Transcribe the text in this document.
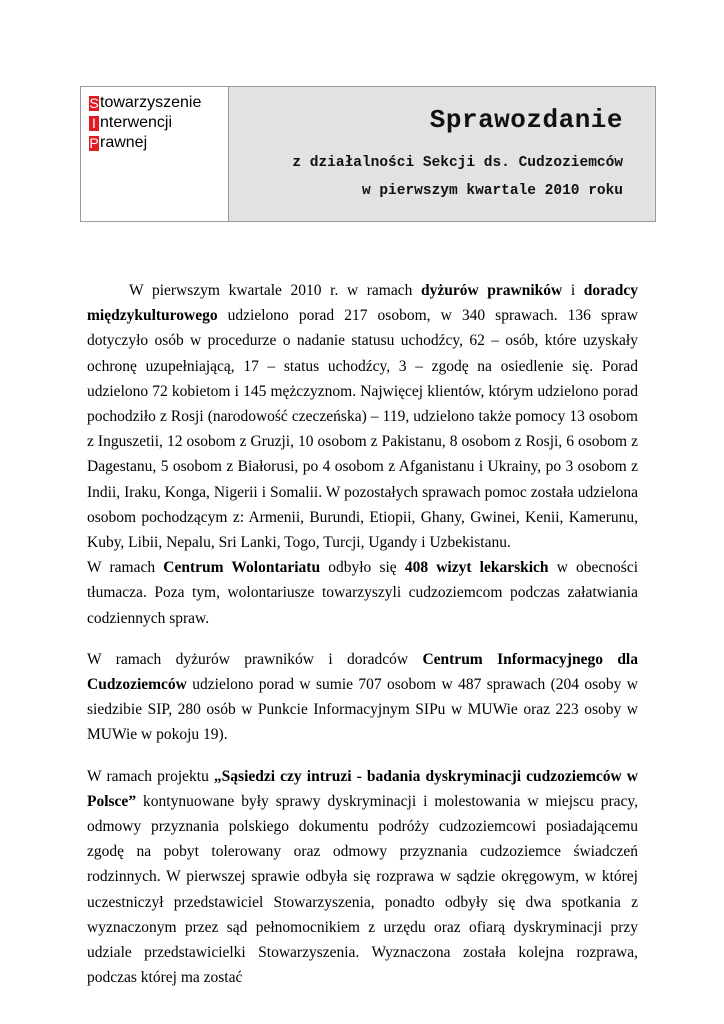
S towarzyszenie
I nterwencji
P rawnej
Sprawozdanie
z działalności Sekcji ds. Cudzoziemców
w pierwszym kwartale 2010 roku

W pierwszym kwartale 2010 r. w ramach dyżurów prawników i doradcy międzykulturowego udzielono porad 217 osobom, w 340 sprawach. 136 spraw dotyczyło osób w procedurze o nadanie statusu uchodźcy, 62 – osób, które uzyskały ochronę uzupełniającą, 17 – status uchodźcy, 3 – zgodę na osiedlenie się. Porad udzielono 72 kobietom i 145 mężczyznom. Najwięcej klientów, którym udzielono porad pochodziło z Rosji (narodowość czeczeńska) – 119, udzielono także pomocy 13 osobom z Inguszetii, 12 osobom z Gruzji, 10 osobom z Pakistanu, 8 osobom z Rosji, 6 osobom z Dagestanu, 5 osobom z Białorusi, po 4 osobom z Afganistanu i Ukrainy, po 3 osobom z Indii, Iraku, Konga, Nigerii i Somalii. W pozostałych sprawach pomoc została udzielona osobom pochodzącym z: Armenii, Burundi, Etiopii, Ghany, Gwinei, Kenii, Kamerunu, Kuby, Libii, Nepalu, Sri Lanki, Togo, Turcji, Ugandy i Uzbekistanu.

W ramach Centrum Wolontariatu odbyło się 408 wizyt lekarskich w obecności tłumacza. Poza tym, wolontariusze towarzyszyli cudzoziemcom podczas załatwiania codziennych spraw.

W ramach dyżurów prawników i doradców Centrum Informacyjnego dla Cudzoziemców udzielono porad w sumie 707 osobom w 487 sprawach (204 osoby w siedzibie SIP, 280 osób w Punkcie Informacyjnym SIPu w MUWie oraz 223 osoby w MUWie w pokoju 19).

W ramach projektu „Sąsiedzi czy intruzi - badania dyskryminacji cudzoziemców w Polsce” kontynuowane były sprawy dyskryminacji i molestowania w miejscu pracy, odmowy przyznania polskiego dokumentu podróży cudzoziemcowi posiadającemu zgodę na pobyt tolerowany oraz odmowy przyznania cudzoziemce świadczeń rodzinnych. W pierwszej sprawie odbyła się rozprawa w sądzie okręgowym, w której uczestniczył przedstawiciel Stowarzyszenia, ponadto odbyły się dwa spotkania z wyznaczonym przez sąd pełnomocnikiem z urzędu oraz ofiarą dyskryminacji przy udziale przedstawicielki Stowarzyszenia. Wyznaczona została kolejna rozprawa, podczas której ma zostać
